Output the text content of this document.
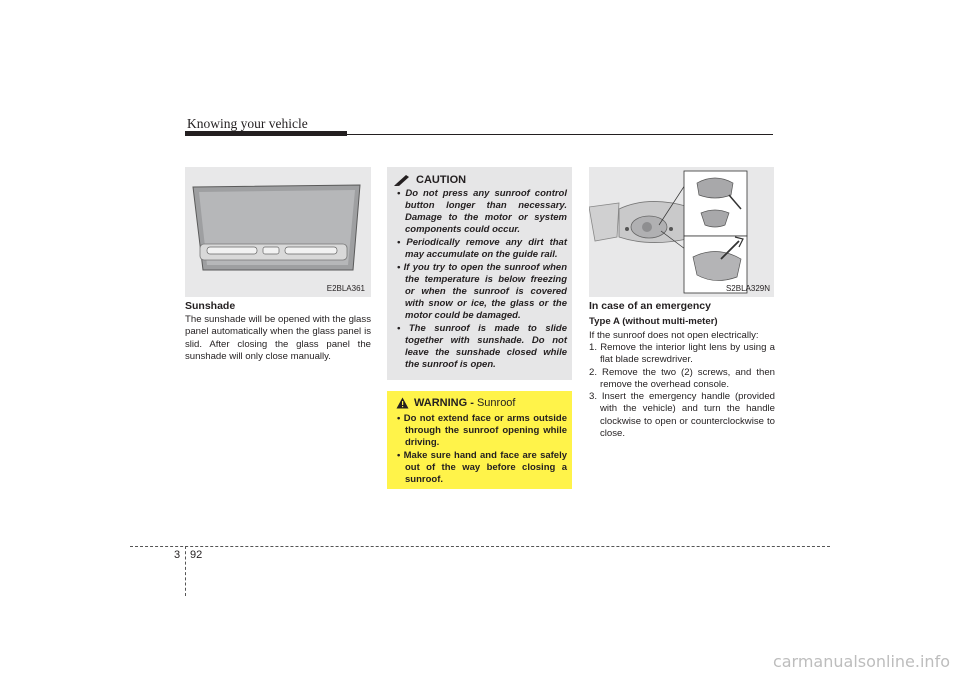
Knowing your vehicle
E2BLA361
Sunshade
The sunshade will be opened with the glass panel automatically when the glass panel is slid. After closing the glass panel the sunshade will only close manually.
CAUTION
• Do not press any sunroof control button longer than necessary. Damage to the motor or system components could occur.
• Periodically remove any dirt that may accumulate on the guide rail.
• If you try to open the sunroof when the temperature is below freezing or when the sunroof is covered with snow or ice, the glass or the motor could be damaged.
• The sunroof is made to slide together with sunshade. Do not leave the sunshade closed while the sunroof is open.
WARNING - Sunroof
• Do not extend face or arms outside through the sunroof opening while driving.
• Make sure hand and face are safely out of the way before closing a sunroof.
S2BLA329N
In case of an emergency
Type A (without multi-meter)
If the sunroof does not open electrically:
1. Remove the interior light lens by using a flat blade screwdriver.
2. Remove the two (2) screws, and then remove the overhead console.
3. Insert the emergency handle (provided with the vehicle) and turn the handle clockwise to open or counterclockwise to close.
3 92
carmanualsonline.info
